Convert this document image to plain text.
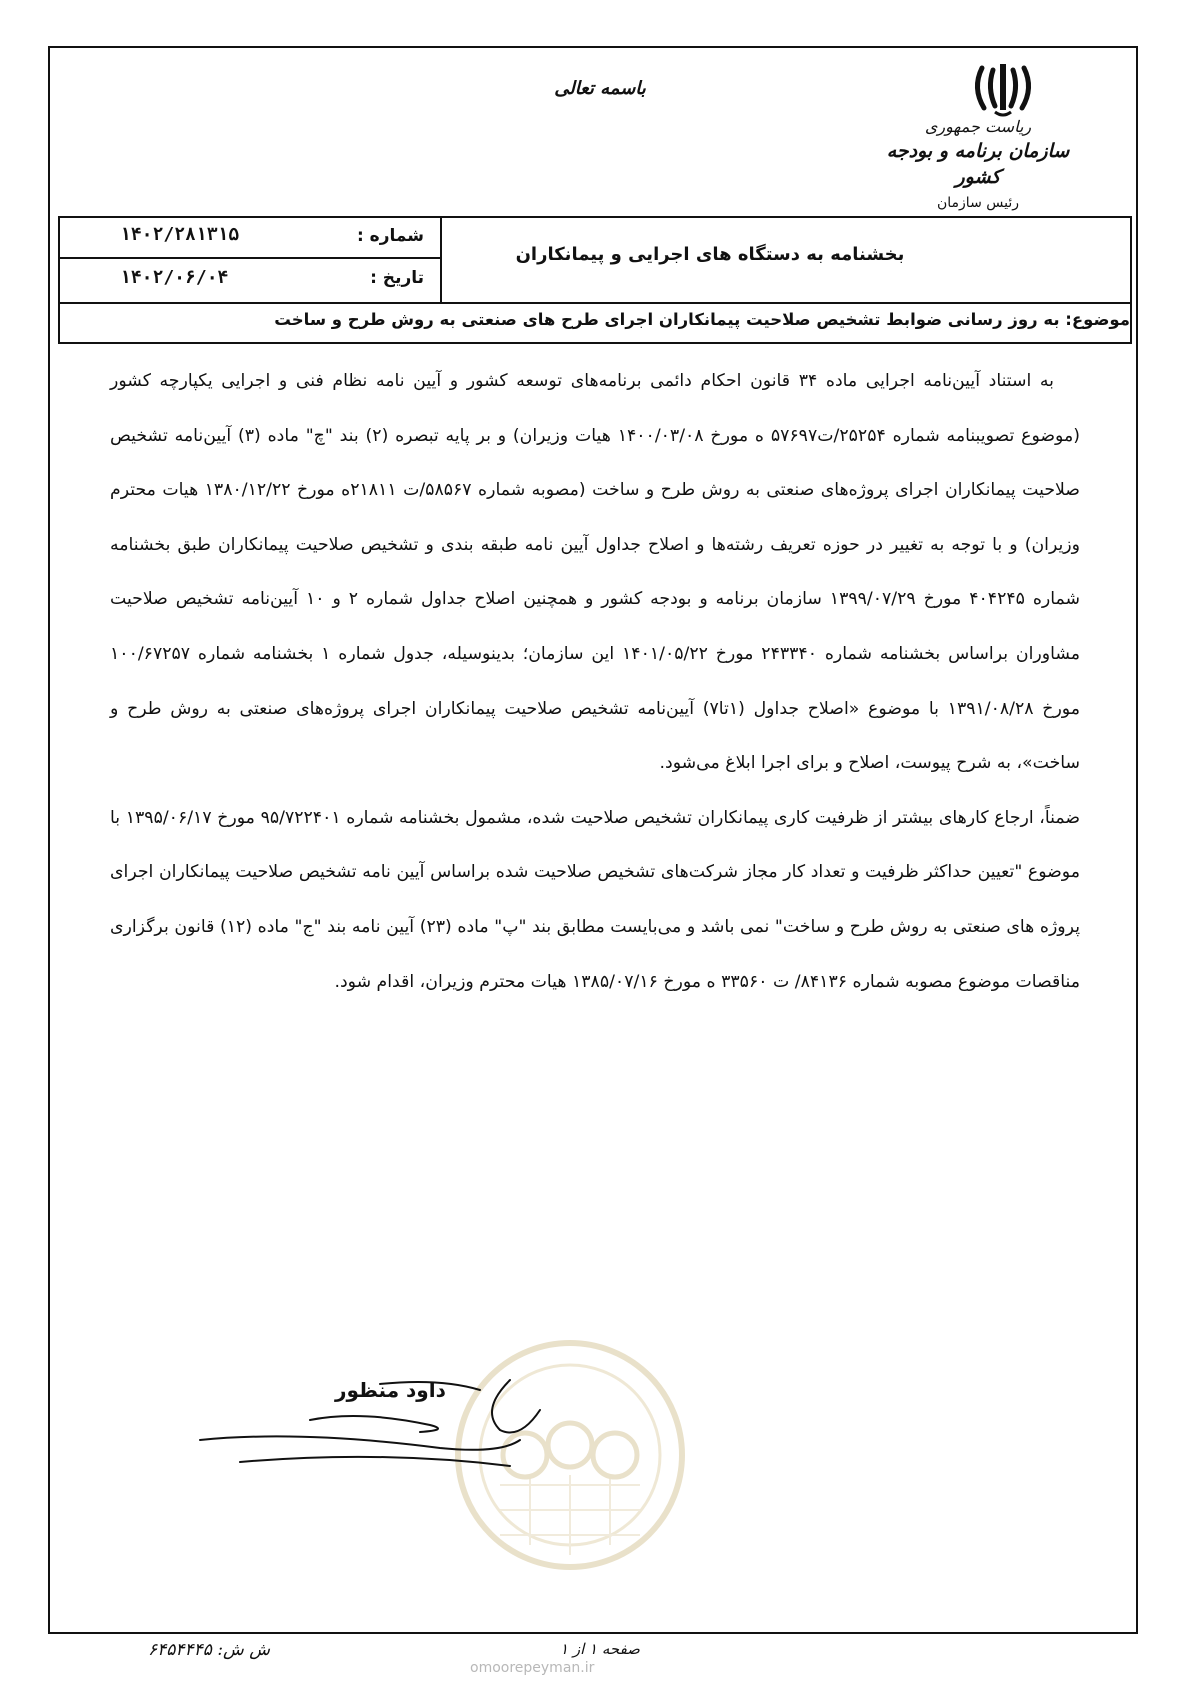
ریاست جمهوری
سازمان برنامه و بودجه کشور
رئیس سازمان
باسمه تعالی
شماره :
۱۴۰۲/۲۸۱۳۱۵
تاریخ :
۱۴۰۲/۰۶/۰۴
بخشنامه به دستگاه های اجرایی و پیمانکاران
موضوع: به روز رسانی ضوابط تشخیص صلاحیت پیمانکاران اجرای طرح های صنعتی به روش طرح و ساخت

به استناد آیین‌نامه اجرایی ماده ۳۴ قانون احکام دائمی برنامه‌های توسعه کشور و آیین نامه نظام فنی و اجرایی یکپارچه کشور (موضوع تصویبنامه شماره ۲۵۲۵۴/ت۵۷۶۹۷ ه مورخ ۱۴۰۰/۰۳/۰۸ هیات وزیران) و بر پایه تبصره (۲) بند "چ" ماده (۳) آیین‌نامه تشخیص صلاحیت پیمانکاران اجرای پروژه‌های صنعتی به روش طرح و ساخت (مصوبه شماره ۵۸۵۶۷/ت ۲۱۸۱۱ه مورخ ۱۳۸۰/۱۲/۲۲ هیات محترم وزیران) و با توجه به تغییر در حوزه تعریف رشته‌ها و اصلاح جداول آیین نامه طبقه بندی و تشخیص صلاحیت پیمانکاران طبق بخشنامه شماره ۴۰۴۲۴۵ مورخ ۱۳۹۹/۰۷/۲۹ سازمان برنامه و بودجه کشور و همچنین اصلاح جداول شماره ۲ و ۱۰ آیین‌نامه تشخیص صلاحیت مشاوران براساس بخشنامه شماره ۲۴۳۳۴۰ مورخ ۱۴۰۱/۰۵/۲۲ این سازمان؛ بدینوسیله، جدول شماره ۱ بخشنامه شماره ۱۰۰/۶۷۲۵۷ مورخ ۱۳۹۱/۰۸/۲۸ با موضوع «اصلاح جداول (۱تا۷) آیین‌نامه تشخیص صلاحیت پیمانکاران اجرای پروژه‌های صنعتی به روش طرح و ساخت»، به شرح پیوست، اصلاح و برای اجرا ابلاغ می‌شود.

ضمناً، ارجاع کارهای بیشتر از ظرفیت کاری پیمانکاران تشخیص صلاحیت شده، مشمول بخشنامه شماره ۹۵/۷۲۲۴۰۱ مورخ ۱۳۹۵/۰۶/۱۷ با موضوع "تعیین حداکثر ظرفیت و تعداد کار مجاز شرکت‌های تشخیص صلاحیت شده براساس آیین نامه تشخیص صلاحیت پیمانکاران اجرای پروژه های صنعتی به روش طرح و ساخت" نمی باشد و می‌بایست مطابق بند "پ" ماده (۲۳) آیین نامه بند "ج" ماده (۱۲) قانون برگزاری مناقصات موضوع مصوبه شماره ۸۴۱۳۶/ ت ۳۳۵۶۰ ه مورخ ۱۳۸۵/۰۷/۱۶ هیات محترم وزیران، اقدام شود.

داود منظور
ش ش: ۶۴۵۴۴۴۵	صفحه ۱ از ۱
omoorepeyman.ir
